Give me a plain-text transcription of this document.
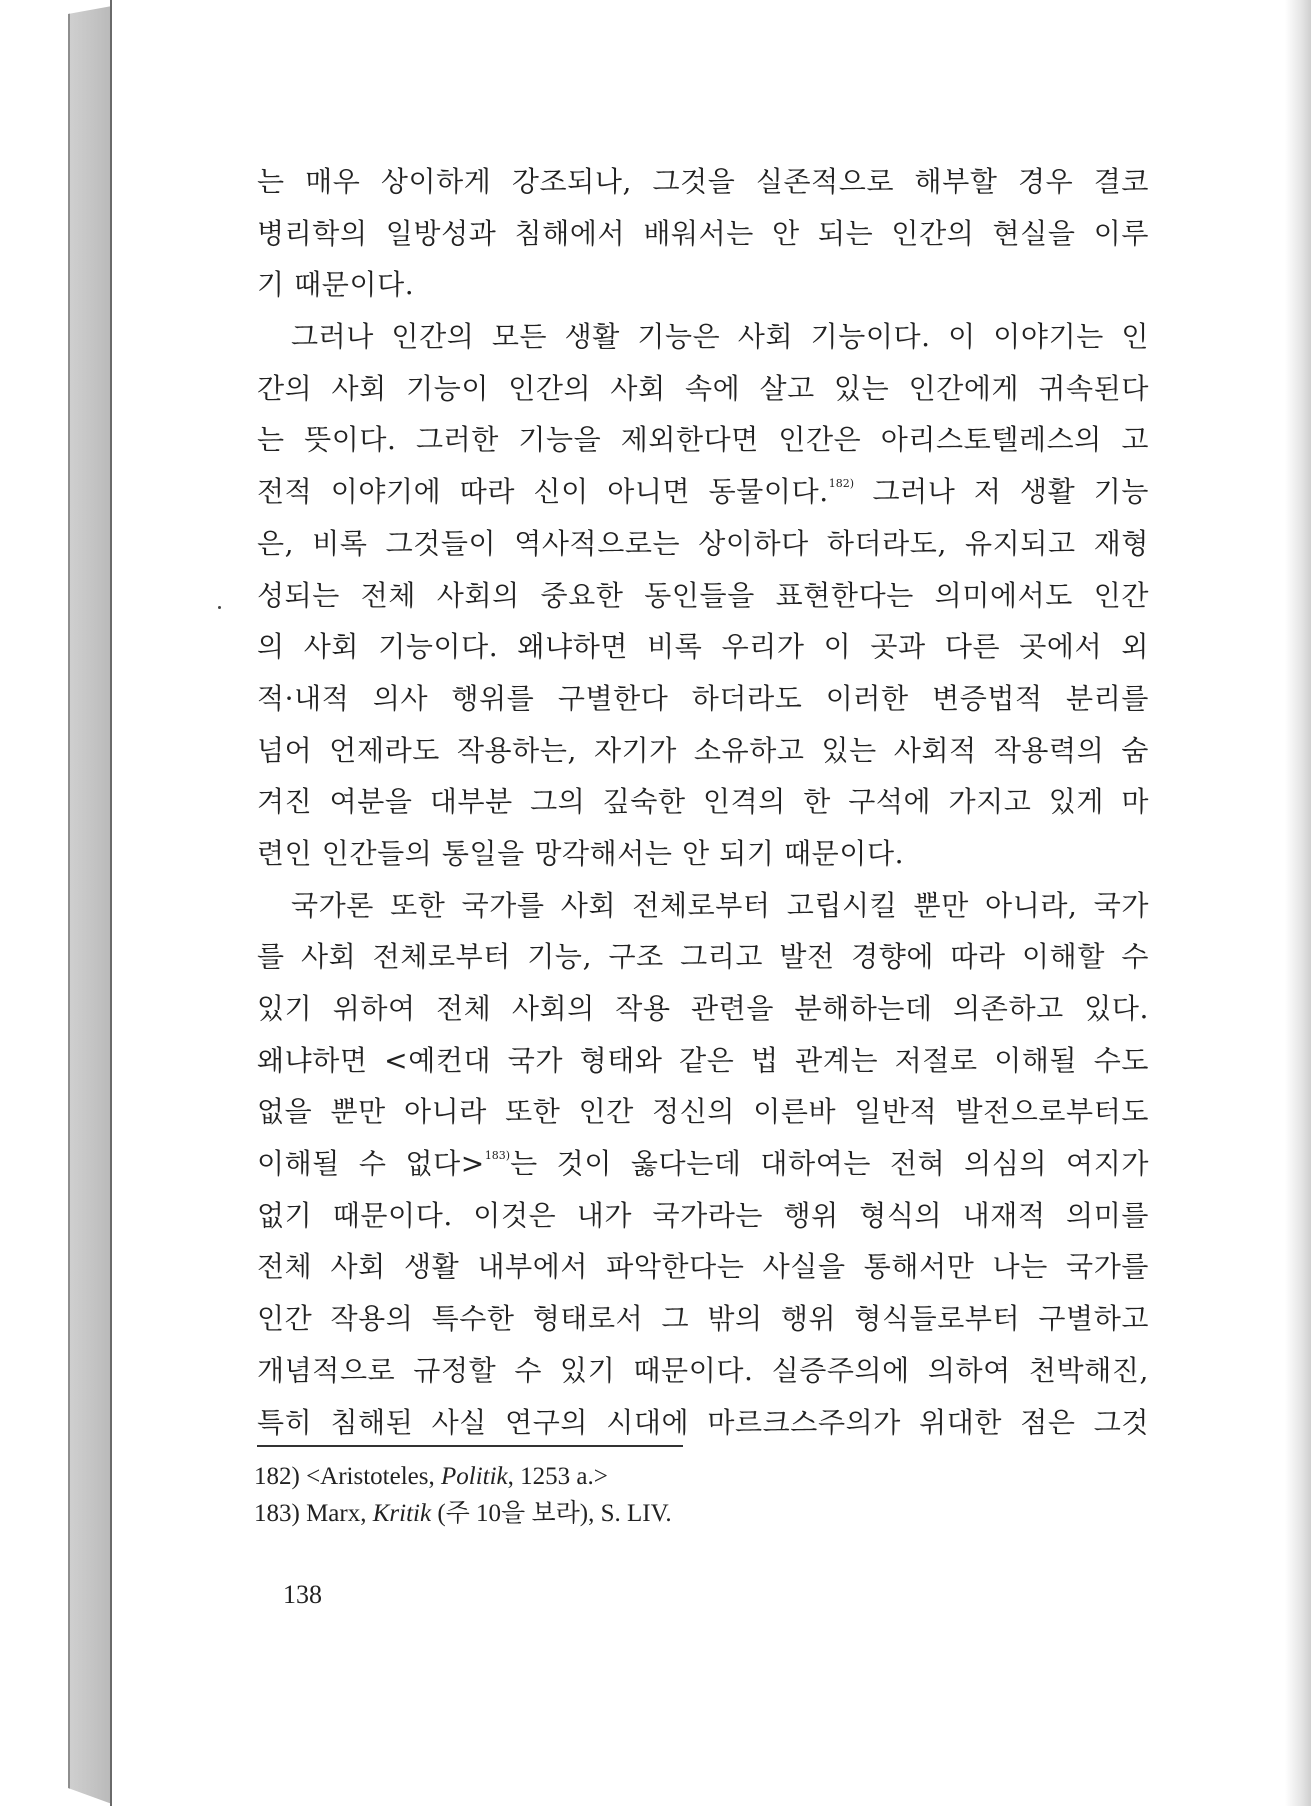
는 매우 상이하게 강조되나, 그것을 실존적으로 해부할 경우 결코
병리학의 일방성과 침해에서 배워서는 안 되는 인간의 현실을 이루
기 때문이다.
그러나 인간의 모든 생활 기능은 사회 기능이다. 이 이야기는 인
간의 사회 기능이 인간의 사회 속에 살고 있는 인간에게 귀속된다
는 뜻이다. 그러한 기능을 제외한다면 인간은 아리스토텔레스의 고
전적 이야기에 따라 신이 아니면 동물이다.$^{182)}$ 그러나 저 생활 기능
은, 비록 그것들이 역사적으로는 상이하다 하더라도, 유지되고 재형
성되는 전체 사회의 중요한 동인들을 표현한다는 의미에서도 인간
의 사회 기능이다. 왜냐하면 비록 우리가 이 곳과 다른 곳에서 외
적·내적 의사 행위를 구별한다 하더라도 이러한 변증법적 분리를
넘어 언제라도 작용하는, 자기가 소유하고 있는 사회적 작용력의 숨
겨진 여분을 대부분 그의 깊숙한 인격의 한 구석에 가지고 있게 마
련인 인간들의 통일을 망각해서는 안 되기 때문이다.
국가론 또한 국가를 사회 전체로부터 고립시킬 뿐만 아니라, 국가
를 사회 전체로부터 기능, 구조 그리고 발전 경향에 따라 이해할 수
있기 위하여 전체 사회의 작용 관련을 분해하는데 의존하고 있다.
왜냐하면 <예컨대 국가 형태와 같은 법 관계는 저절로 이해될 수도
없을 뿐만 아니라 또한 인간 정신의 이른바 일반적 발전으로부터도
이해될 수 없다>$^{183)}$는 것이 옳다는데 대하여는 전혀 의심의 여지가
없기 때문이다. 이것은 내가 국가라는 행위 형식의 내재적 의미를
전체 사회 생활 내부에서 파악한다는 사실을 통해서만 나는 국가를
인간 작용의 특수한 형태로서 그 밖의 행위 형식들로부터 구별하고
개념적으로 규정할 수 있기 때문이다. 실증주의에 의하여 천박해진,
특히 침해된 사실 연구의 시대에 마르크스주의가 위대한 점은 그것
182) <Aristoteles, Politik, 1253 a.>
183) Marx, Kritik (주 10을 보라), S. LIV.
138
